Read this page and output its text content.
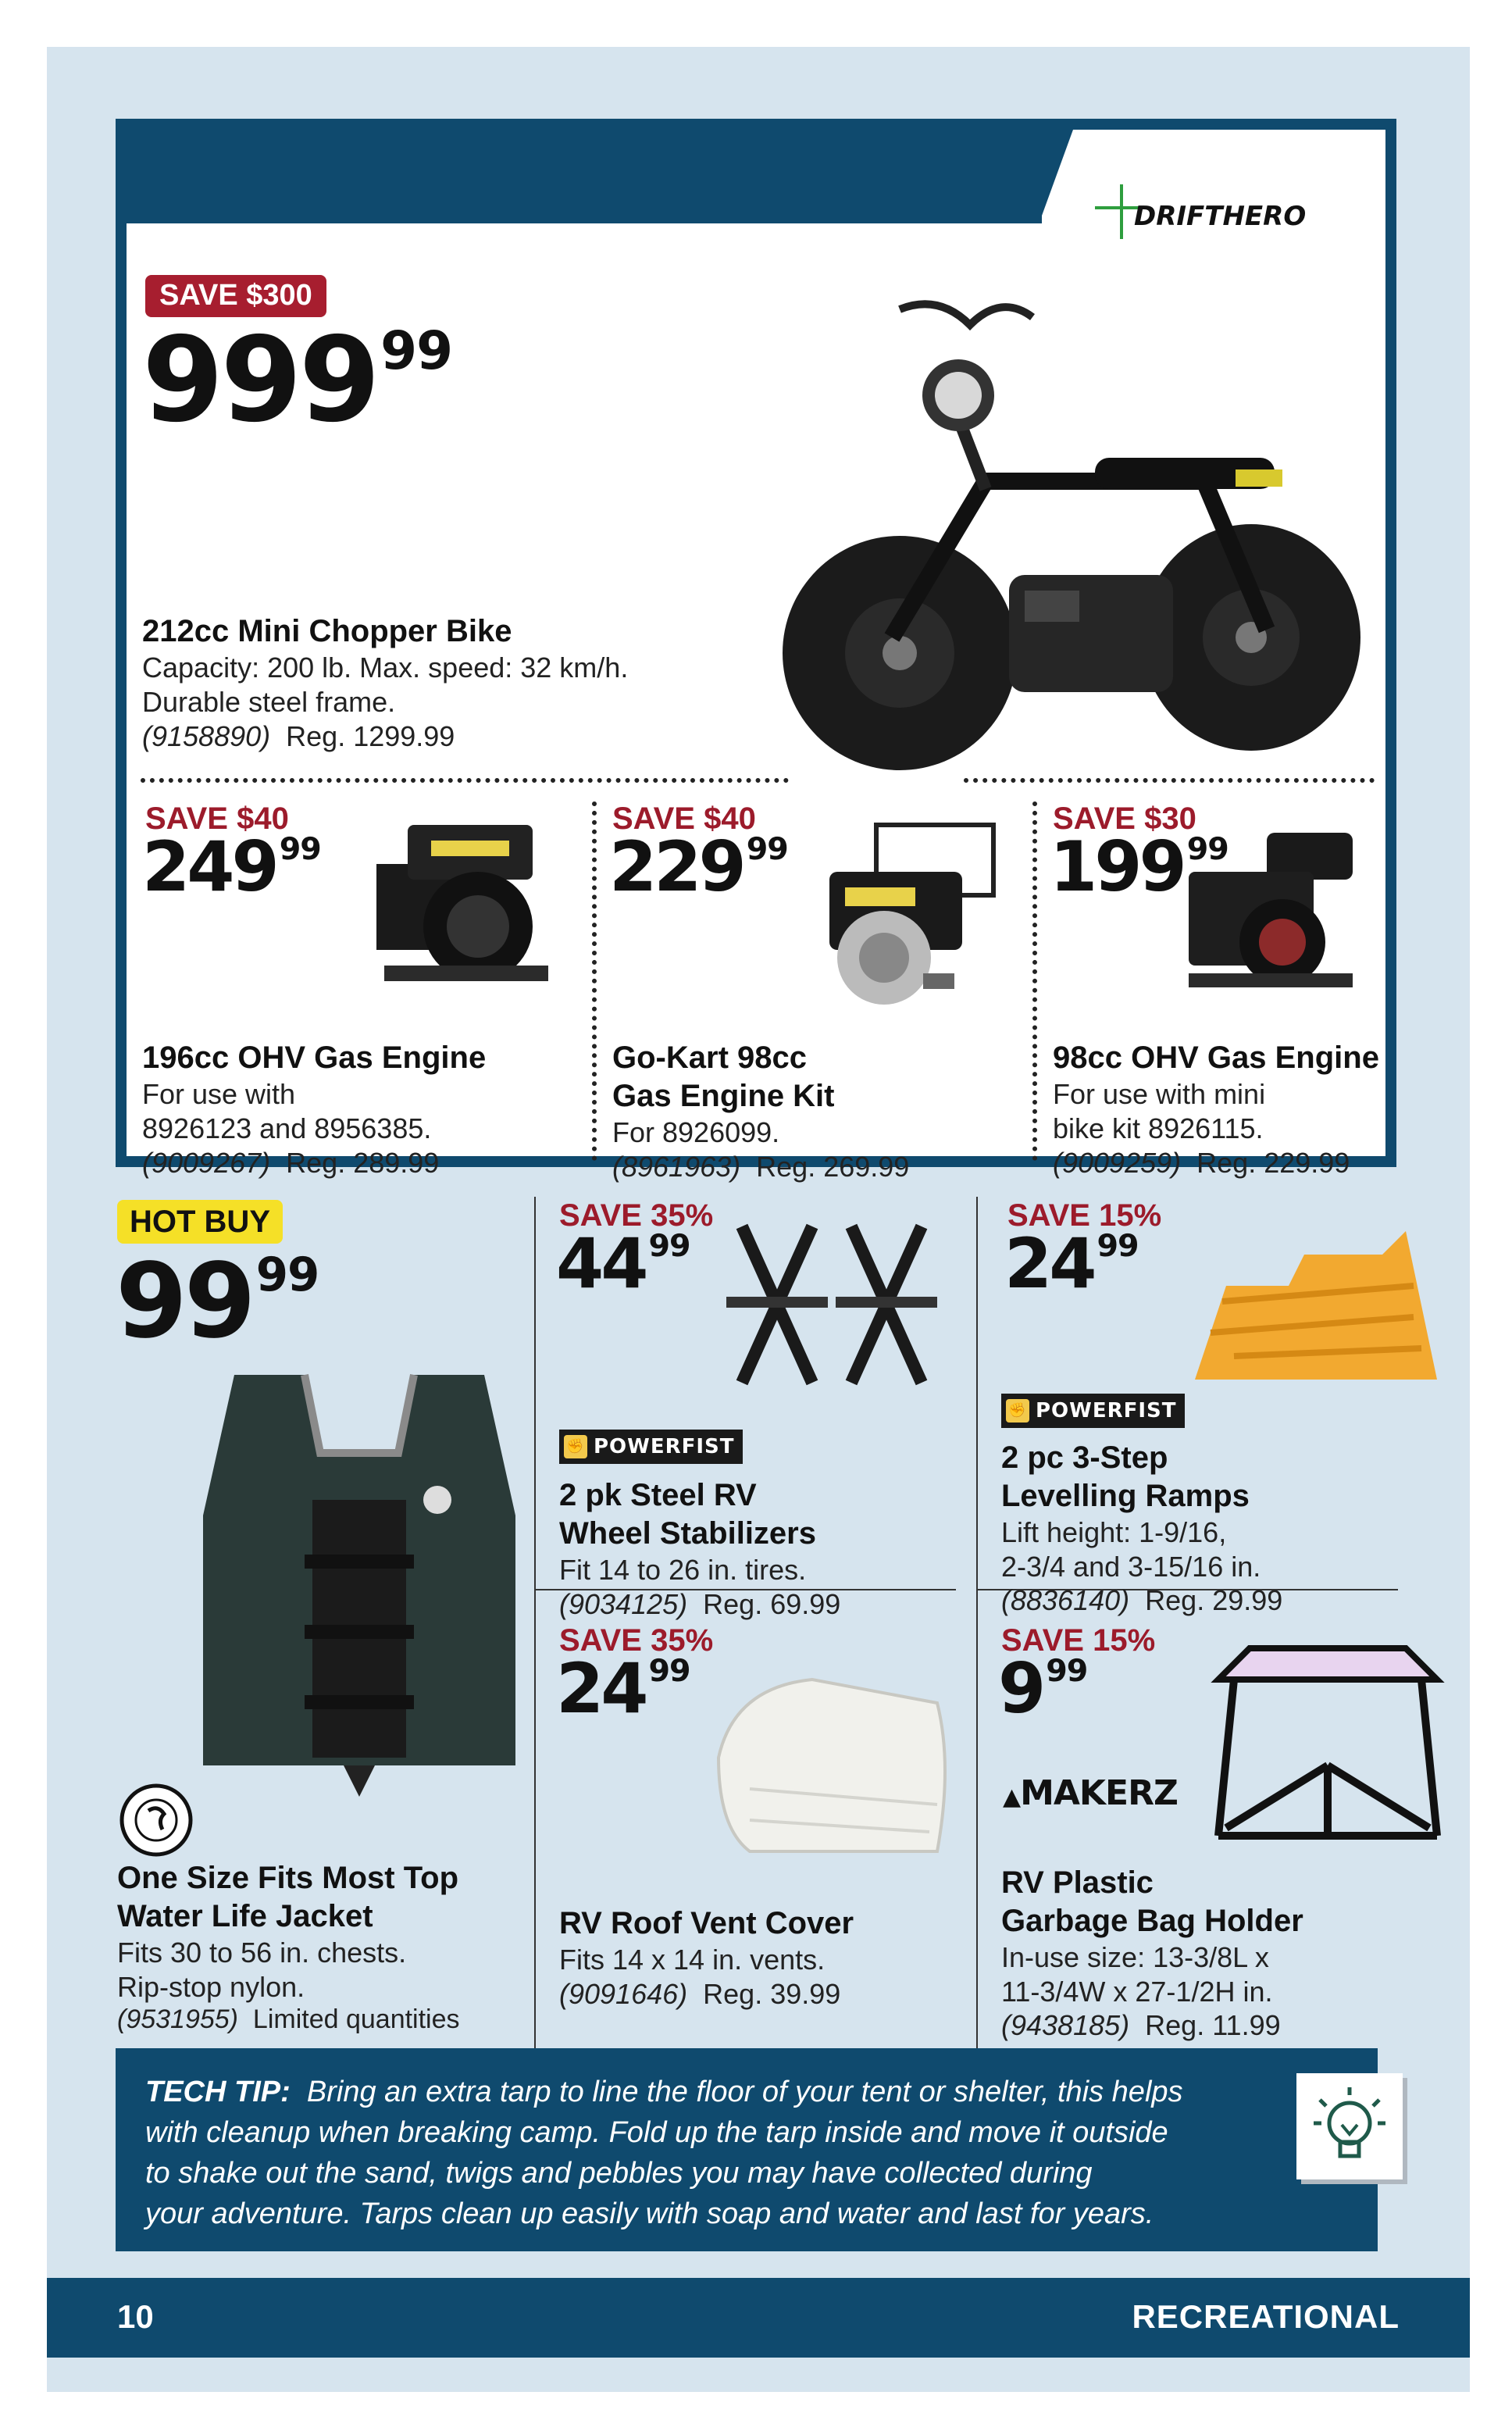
DRIFTHERO
SAVE $300
$999^{99}$
212cc Mini Chopper Bike
Capacity: 200 lb. Max. speed: 32 km/h.
Durable steel frame.
(9158890) Reg. 1299.99
SAVE $40
249 $^{99}$
196cc OHV Gas Engine
For use with
8926123 and 8956385.
(9009267) Reg. 289.99
SAVE $40
229 $^{99}$
Go-Kart 98cc
Gas Engine Kit
For 8926099.
(8961963) Reg. 269.99
SAVE $30
199 $^{99}$
98cc OHV Gas Engine
For use with mini
bike kit 8926115.
(9009259) Reg. 229.99
HOT BUY
$99^{99}$
One Size Fits Most Top
Water Life Jacket
Fits 30 to 56 in. chests.
Rip-stop nylon.
(9531955) Limited quantities
SAVE 35%
44 $^{99}$
✊ POWERFIST
2 pk Steel RV
Wheel Stabilizers
Fit 14 to 26 in. tires.
(9034125) Reg. 69.99
SAVE 15%
24 $^{99}$
✊ POWERFIST
2 pc 3-Step
Levelling Ramps
Lift height: 1-9/16,
2-3/4 and 3-15/16 in.
(8836140) Reg. 29.99
SAVE 35%
24 $^{99}$
RV Roof Vent Cover
Fits 14 x 14 in. vents.
(9091646) Reg. 39.99
SAVE 15%
9 $^{99}$
▲MAKERZ
RV Plastic
Garbage Bag Holder
In-use size: 13-3/8L x
11-3/4W x 27-1/2H in.
(9438185) Reg. 11.99
TECH TIP: Bring an extra tarp to line the floor of your tent or shelter, this helps
with cleanup when breaking camp. Fold up the tarp inside and move it outside
to shake out the sand, twigs and pebbles you may have collected during
your adventure. Tarps clean up easily with soap and water and last for years.
10	RECREATIONAL
